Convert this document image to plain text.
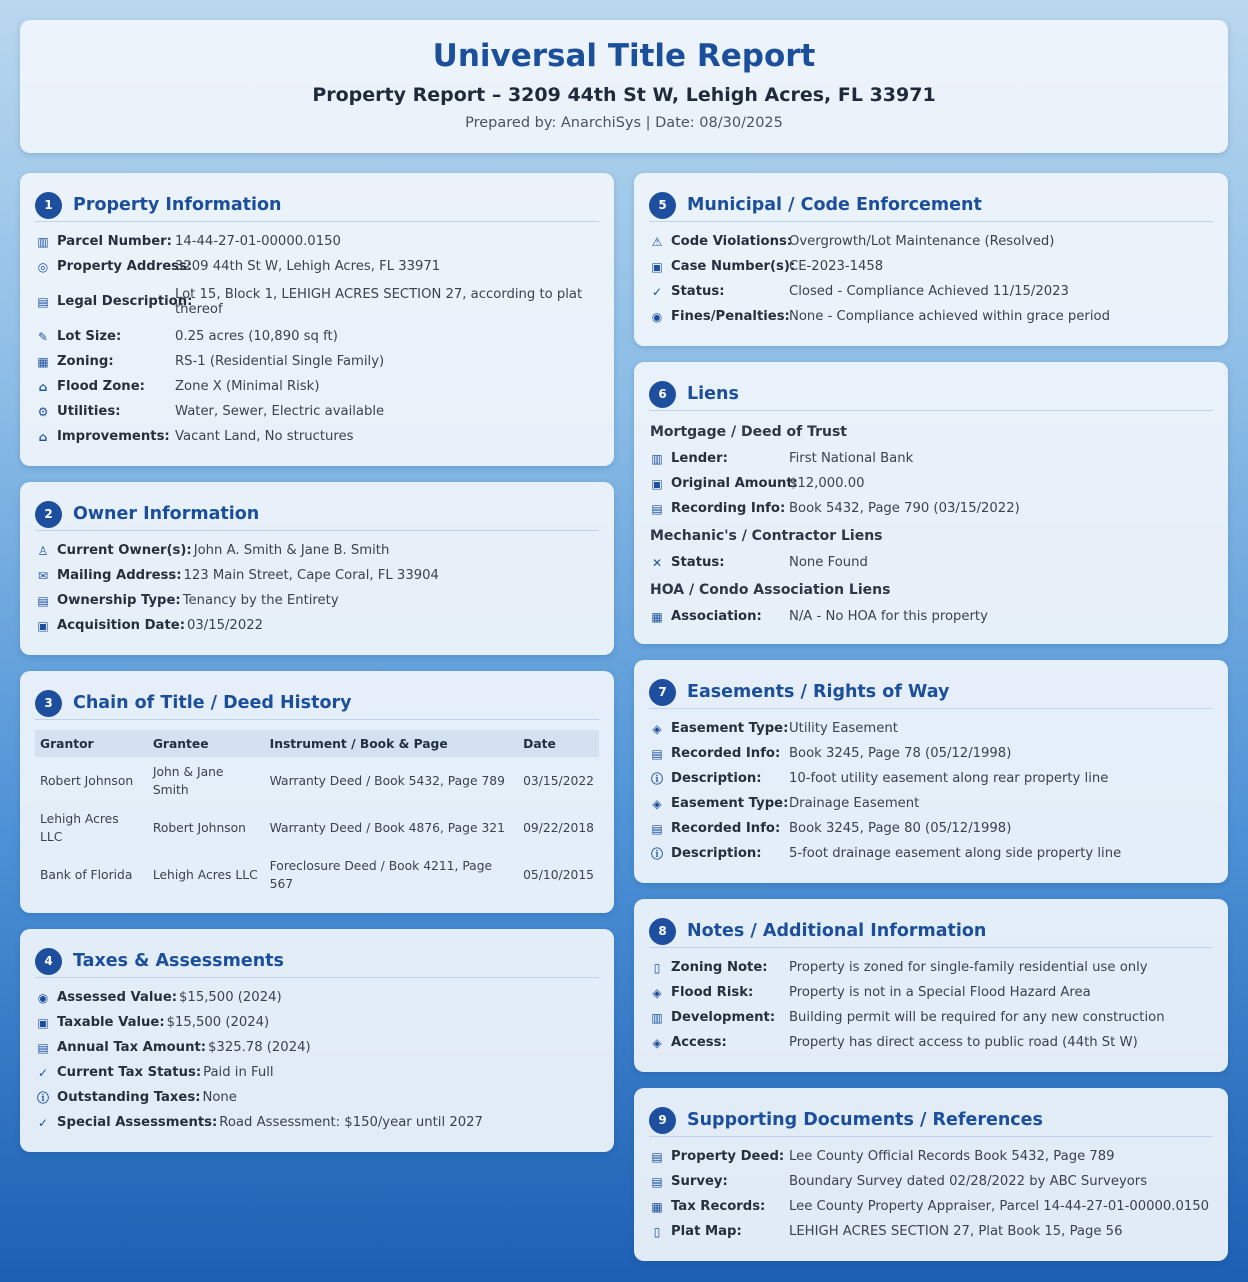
Universal Title Report
Property Report – 3209 44th St W, Lehigh Acres, FL 33971
Prepared by: AnarchiSys | Date: 08/30/2025
1	Property Information
▥ Parcel Number: 14-44-27-01-00000.0150
◎ Property Address:
3209 44th St W, Lehigh Acres, FL 33971
▤ Legal Description:
Lot 15, Block 1, LEHIGH ACRES SECTION 27, according to plat thereof
✎ Lot Size:	0.25 acres (10,890 sq ft)
▦ Zoning:	RS-1 (Residential Single Family)
⌂ Flood Zone:	Zone X (Minimal Risk)
⚙ Utilities:	Water, Sewer, Electric available
⌂ Improvements: Vacant Land, No structures
2	Owner Information
♙ Current Owner(s): John A. Smith & Jane B. Smith
✉ Mailing Address: 123 Main Street, Cape Coral, FL 33904
▤ Ownership Type: Tenancy by the Entirety
▣ Acquisition Date: 03/15/2022
3	Chain of Title / Deed History
Grantor	Grantee	Instrument / Book & Page	Date
Robert Johnson	John & Jane Smith	Warranty Deed / Book 5432, Page 789	03/15/2022
Lehigh Acres LLC	Robert Johnson	Warranty Deed / Book 4876, Page 321	09/22/2018
Bank of Florida	Lehigh Acres LLC	Foreclosure Deed / Book 4211, Page 567	05/10/2015
4	Taxes & Assessments
◉ Assessed Value: $15,500 (2024)
▣ Taxable Value: $15,500 (2024)
▤ Annual Tax Amount: $325.78 (2024)
✓ Current Tax Status: Paid in Full
ⓘ Outstanding Taxes: None
✓ Special Assessments: Road Assessment: $150/year until 2027
5	Municipal / Code Enforcement
⚠ Code Violations:
Overgrowth/Lot Maintenance (Resolved)
▣ Case Number(s):
CE-2023-1458
✓ Status:	Closed - Compliance Achieved 11/15/2023
◉ Fines/Penalties: None - Compliance achieved within grace period
6	Liens
Mortgage / Deed of Trust
▥ Lender:	First National Bank
▣ Original Amount:
$12,000.00
▤ Recording Info: Book 5432, Page 790 (03/15/2022)
Mechanic's / Contractor Liens
✕ Status:	None Found
HOA / Condo Association Liens
▦ Association:	N/A - No HOA for this property
7	Easements / Rights of Way
◈ Easement Type: Utility Easement
▤ Recorded Info: Book 3245, Page 78 (05/12/1998)
ⓘ Description:	10-foot utility easement along rear property line
◈ Easement Type: Drainage Easement
▤ Recorded Info: Book 3245, Page 80 (05/12/1998)
ⓘ Description:	5-foot drainage easement along side property line
8	Notes / Additional Information
▯ Zoning Note:	Property is zoned for single-family residential use only
◈ Flood Risk:	Property is not in a Special Flood Hazard Area
▥ Development:	Building permit will be required for any new construction
◈ Access:	Property has direct access to public road (44th St W)
9	Supporting Documents / References
▤ Property Deed: Lee County Official Records Book 5432, Page 789
▤ Survey:	Boundary Survey dated 02/28/2022 by ABC Surveyors
▦ Tax Records:	Lee County Property Appraiser, Parcel 14-44-27-01-00000.0150
▯ Plat Map:	LEHIGH ACRES SECTION 27, Plat Book 15, Page 56
